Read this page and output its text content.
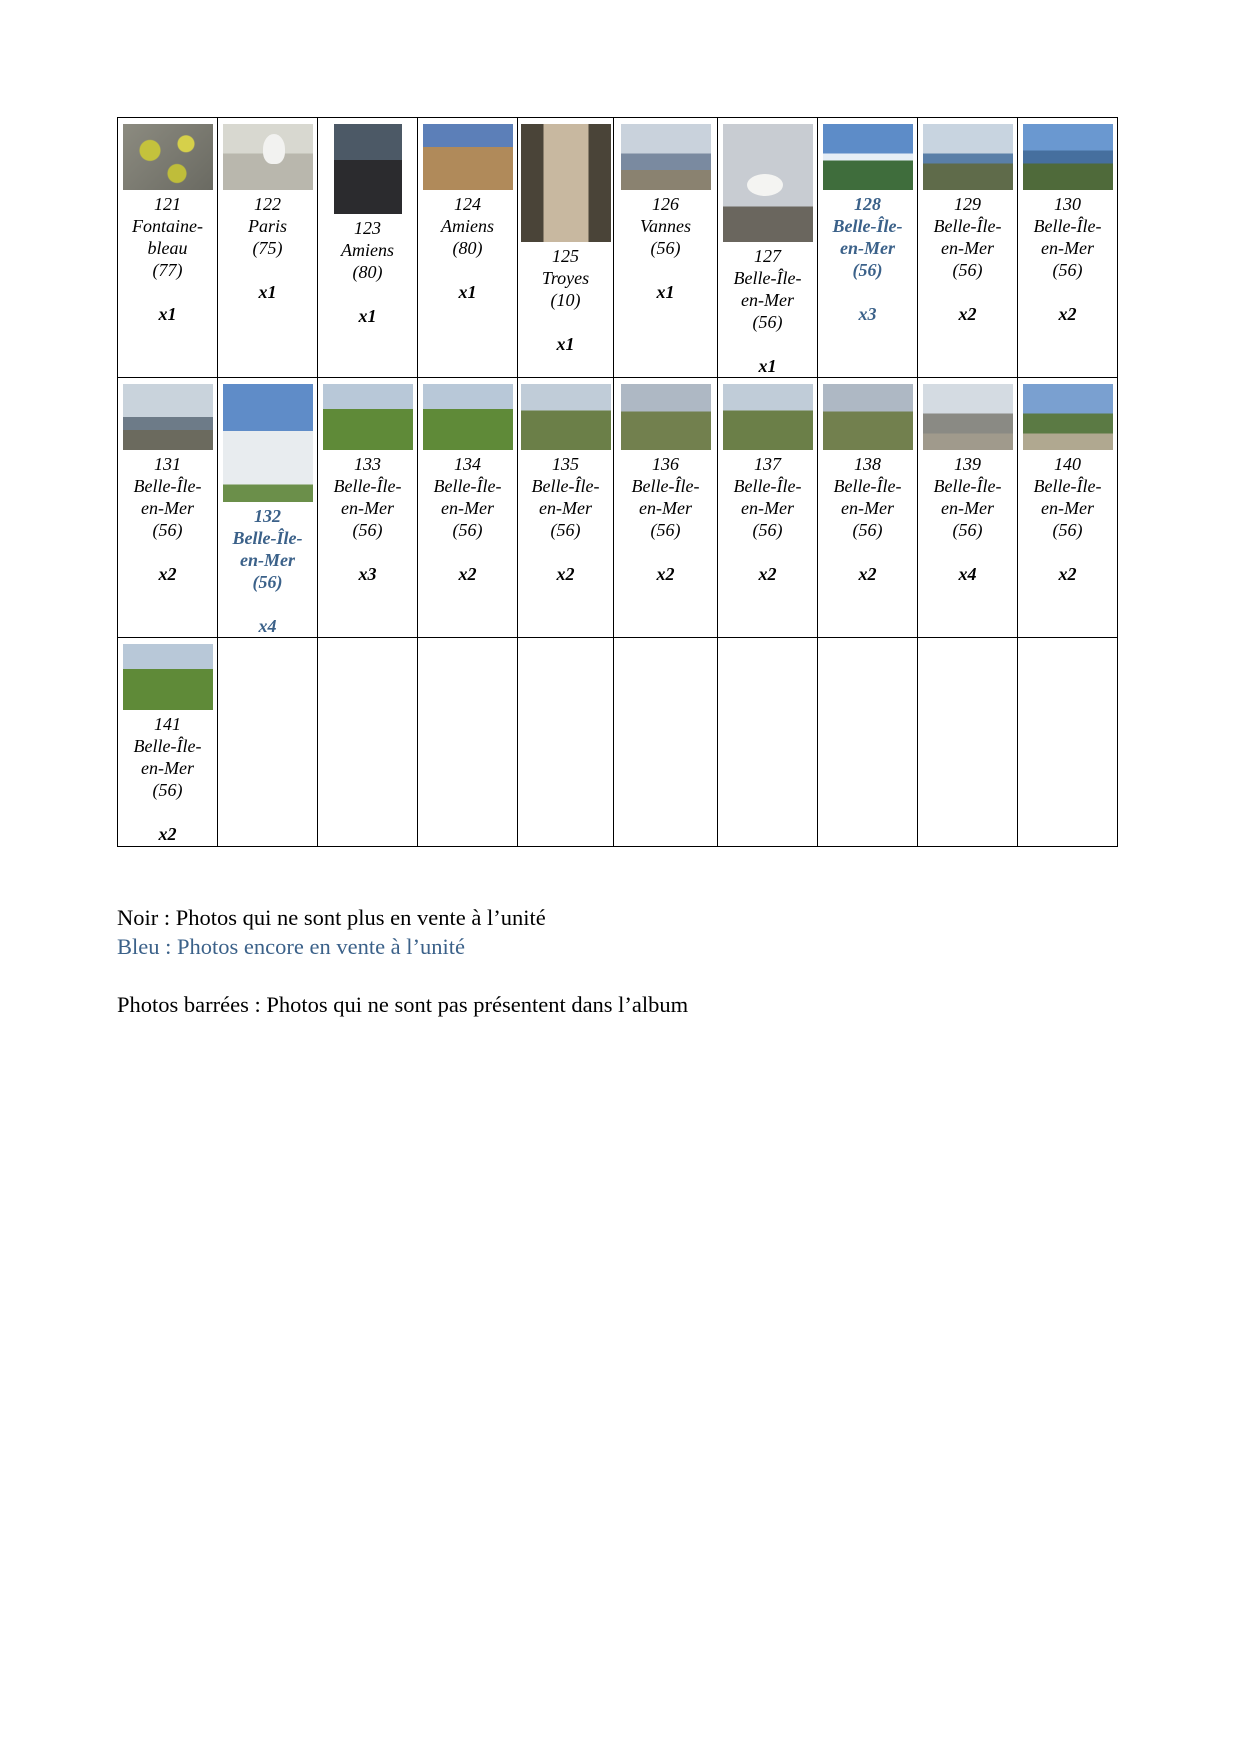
121
Fontaine-bleau
(77)
x1	122
Paris
(75)
x1	123
Amiens
(80)
x1	124
Amiens
(80)
x1	125
Troyes
(10)
x1	126
Vannes
(56)
x1	127
Belle-Île-en-Mer
(56)
x1	128
Belle-Île-en-Mer
(56)
x3	129
Belle-Île-en-Mer
(56)
x2	130
Belle-Île-en-Mer
(56)
x2

131
Belle-Île-en-Mer
(56)
x2	132
Belle-Île-en-Mer
(56)
x4	133
Belle-Île-en-Mer
(56)
x3	134
Belle-Île-en-Mer
(56)
x2	135
Belle-Île-en-Mer
(56)
x2	136
Belle-Île-en-Mer
(56)
x2	137
Belle-Île-en-Mer
(56)
x2	138
Belle-Île-en-Mer
(56)
x2	139
Belle-Île-en-Mer
(56)
x4	140
Belle-Île-en-Mer
(56)
x2

141
Belle-Île-en-Mer
(56)
x2									

Noir : Photos qui ne sont plus en vente à l’unité
Bleu : Photos encore en vente à l’unité
Photos barrées : Photos qui ne sont pas présentent dans l’album
